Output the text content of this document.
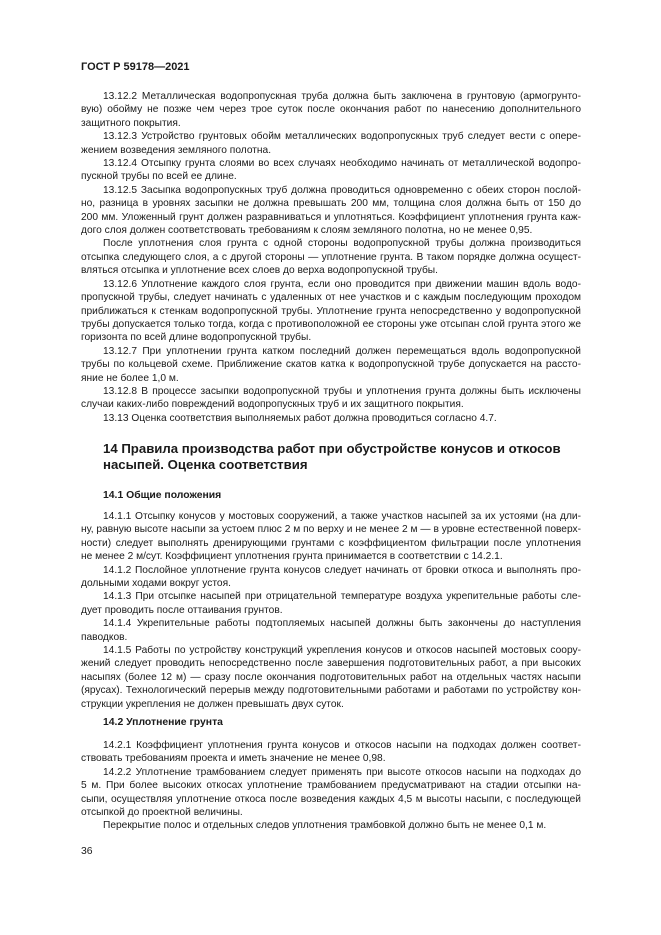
ГОСТ Р 59178—2021
13.12.2 Металлическая водопропускная труба должна быть заключена в грунтовую (армогрунто-
вую) обойму не позже чем через трое суток после окончания работ по нанесению дополнительного
защитного покрытия.
13.12.3 Устройство грунтовых обойм металлических водопропускных труб следует вести с опере-
жением возведения земляного полотна.
13.12.4 Отсыпку грунта слоями во всех случаях необходимо начинать от металлической водопро-
пускной трубы по всей ее длине.
13.12.5 Засыпка водопропускных труб должна проводиться одновременно с обеих сторон послой-
но, разница в уровнях засыпки не должна превышать 200 мм, толщина слоя должна быть от 150 до
200 мм. Уложенный грунт должен разравниваться и уплотняться. Коэффициент уплотнения грунта каж-
дого слоя должен соответствовать требованиям к слоям земляного полотна, но не менее 0,95.
После уплотнения слоя грунта с одной стороны водопропускной трубы должна производиться
отсыпка следующего слоя, а с другой стороны — уплотнение грунта. В таком порядке должна осущест-
вляться отсыпка и уплотнение всех слоев до верха водопропускной трубы.
13.12.6 Уплотнение каждого слоя грунта, если оно проводится при движении машин вдоль водо-
пропускной трубы, следует начинать с удаленных от нее участков и с каждым последующим проходом
приближаться к стенкам водопропускной трубы. Уплотнение грунта непосредственно у водопропускной
трубы допускается только тогда, когда с противоположной ее стороны уже отсыпан слой грунта этого же
горизонта по всей длине водопропускной трубы.
13.12.7 При уплотнении грунта катком последний должен перемещаться вдоль водопропускной
трубы по кольцевой схеме. Приближение скатов катка к водопропускной трубе допускается на рассто-
яние не более 1,0 м.
13.12.8 В процессе засыпки водопропускной трубы и уплотнения грунта должны быть исключены
случаи каких-либо повреждений водопропускных труб и их защитного покрытия.
13.13 Оценка соответствия выполняемых работ должна проводиться согласно 4.7.
14 Правила производства работ при обустройстве конусов и откосов
насыпей. Оценка соответствия
14.1 Общие положения
14.1.1 Отсыпку конусов у мостовых сооружений, а также участков насыпей за их устоями (на дли-
ну, равную высоте насыпи за устоем плюс 2 м по верху и не менее 2 м — в уровне естественной поверх-
ности) следует выполнять дренирующими грунтами с коэффициентом фильтрации после уплотнения
не менее 2 м/сут. Коэффициент уплотнения грунта принимается в соответствии с 14.2.1.
14.1.2 Послойное уплотнение грунта конусов следует начинать от бровки откоса и выполнять про-
дольными ходами вокруг устоя.
14.1.3 При отсыпке насыпей при отрицательной температуре воздуха укрепительные работы сле-
дует проводить после оттаивания грунтов.
14.1.4 Укрепительные работы подтопляемых насыпей должны быть закончены до наступления
паводков.
14.1.5 Работы по устройству конструкций укрепления конусов и откосов насыпей мостовых соору-
жений следует проводить непосредственно после завершения подготовительных работ, а при высоких
насыпях (более 12 м) — сразу после окончания подготовительных работ на отдельных частях насыпи
(ярусах). Технологический перерыв между подготовительными работами и работами по устройству кон-
струкции укрепления не должен превышать двух суток.
14.2 Уплотнение грунта
14.2.1 Коэффициент уплотнения грунта конусов и откосов насыпи на подходах должен соответ-
ствовать требованиям проекта и иметь значение не менее 0,98.
14.2.2 Уплотнение трамбованием следует применять при высоте откосов насыпи на подходах до
5 м. При более высоких откосах уплотнение трамбованием предусматривают на стадии отсыпки на-
сыпи, осуществляя уплотнение откоса после возведения каждых 4,5 м высоты насыпи, с последующей
отсыпкой до проектной величины.
Перекрытие полос и отдельных следов уплотнения трамбовкой должно быть не менее 0,1 м.
36
